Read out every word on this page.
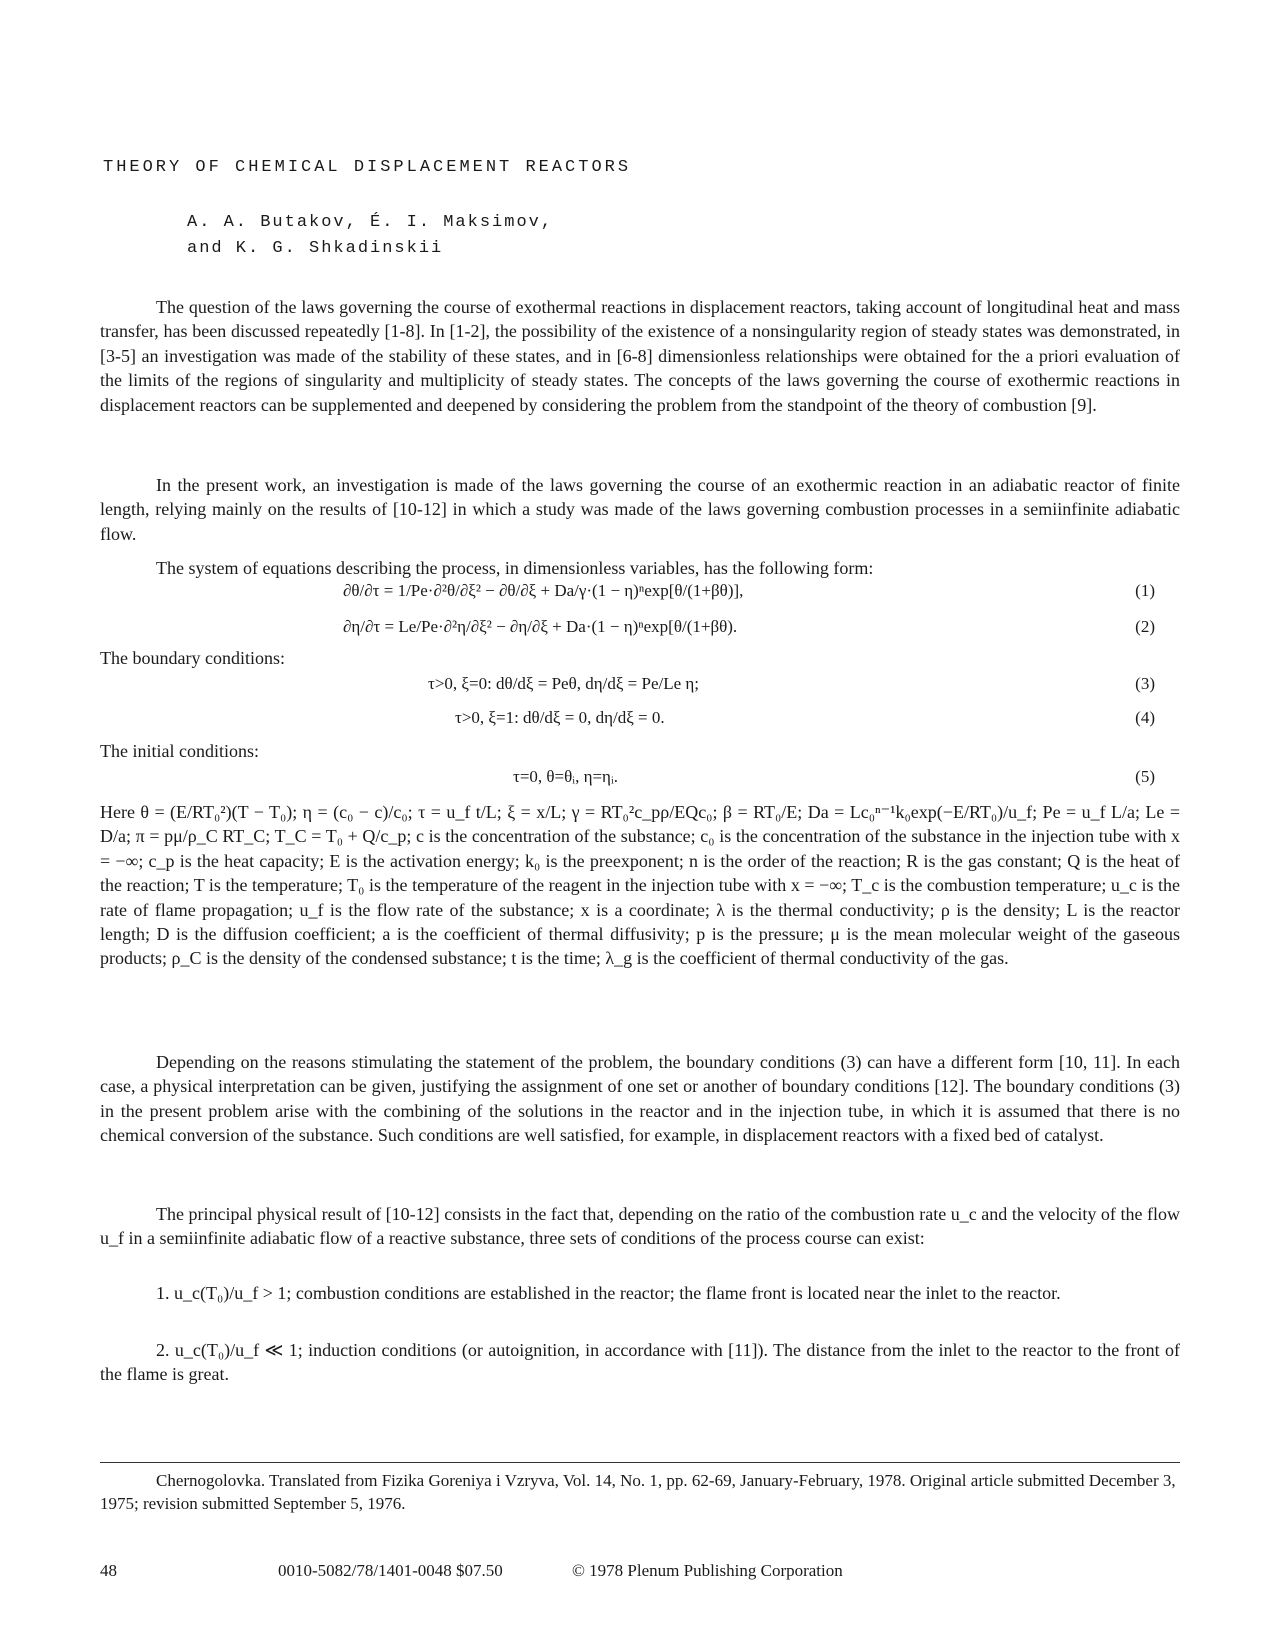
THEORY OF CHEMICAL DISPLACEMENT REACTORS
A. A. Butakov, É. I. Maksimov,
and K. G. Shkadinskii
The question of the laws governing the course of exothermal reactions in displacement reactors, taking account of longitudinal heat and mass transfer, has been discussed repeatedly [1-8]. In [1-2], the possibility of the existence of a nonsingularity region of steady states was demonstrated, in [3-5] an investigation was made of the stability of these states, and in [6-8] dimensionless relationships were obtained for the a priori evaluation of the limits of the regions of singularity and multiplicity of steady states. The concepts of the laws governing the course of exothermic reactions in displacement reactors can be supplemented and deepened by considering the problem from the standpoint of the theory of combustion [9].
In the present work, an investigation is made of the laws governing the course of an exothermic reaction in an adiabatic reactor of finite length, relying mainly on the results of [10-12] in which a study was made of the laws governing combustion processes in a semiinfinite adiabatic flow.
The system of equations describing the process, in dimensionless variables, has the following form:
∂θ/∂τ = 1/Pe·∂²θ/∂ξ² − ∂θ/∂ξ + Da/γ·(1 − η)ⁿexp[θ/(1+βθ)],	(1)
∂η/∂τ = Le/Pe·∂²η/∂ξ² − ∂η/∂ξ + Da·(1 − η)ⁿexp[θ/(1+βθ).	(2)
The boundary conditions:
τ>0, ξ=0: dθ/dξ = Peθ, dη/dξ = Pe/Le η;	(3)
τ>0, ξ=1: dθ/dξ = 0, dη/dξ = 0.	(4)
The initial conditions:
τ=0, θ=θᵢ, η=ηᵢ.	(5)
Here θ = (E/RT₀²)(T − T₀); η = (c₀ − c)/c₀; τ = u_f t/L; ξ = x/L; γ = RT₀²c_pρ/EQc₀; β = RT₀/E; Da = Lc₀ⁿ⁻¹k₀exp(−E/RT₀)/u_f; Pe = u_f L/a; Le = D/a; π = pμ/ρ_C RT_C; T_C = T₀ + Q/c_p; c is the concentration of the substance; c₀ is the concentration of the substance in the injection tube with x = −∞; c_p is the heat capacity; E is the activation energy; k₀ is the preexponent; n is the order of the reaction; R is the gas constant; Q is the heat of the reaction; T is the temperature; T₀ is the temperature of the reagent in the injection tube with x = −∞; T_c is the combustion temperature; u_c is the rate of flame propagation; u_f is the flow rate of the substance; x is a coordinate; λ is the thermal conductivity; ρ is the density; L is the reactor length; D is the diffusion coefficient; a is the coefficient of thermal diffusivity; p is the pressure; μ is the mean molecular weight of the gaseous products; ρ_C is the density of the condensed substance; t is the time; λ_g is the coefficient of thermal conductivity of the gas.
Depending on the reasons stimulating the statement of the problem, the boundary conditions (3) can have a different form [10, 11]. In each case, a physical interpretation can be given, justifying the assignment of one set or another of boundary conditions [12]. The boundary conditions (3) in the present problem arise with the combining of the solutions in the reactor and in the injection tube, in which it is assumed that there is no chemical conversion of the substance. Such conditions are well satisfied, for example, in displacement reactors with a fixed bed of catalyst.
The principal physical result of [10-12] consists in the fact that, depending on the ratio of the combustion rate u_c and the velocity of the flow u_f in a semiinfinite adiabatic flow of a reactive substance, three sets of conditions of the process course can exist:
1. u_c(T₀)/u_f > 1; combustion conditions are established in the reactor; the flame front is located near the inlet to the reactor.
2. u_c(T₀)/u_f ≪ 1; induction conditions (or autoignition, in accordance with [11]). The distance from the inlet to the reactor to the front of the flame is great.
Chernogolovka. Translated from Fizika Goreniya i Vzryva, Vol. 14, No. 1, pp. 62-69, January-February, 1978. Original article submitted December 3, 1975; revision submitted September 5, 1976.
48	0010-5082/78/1401-0048 $07.50	© 1978 Plenum Publishing Corporation
